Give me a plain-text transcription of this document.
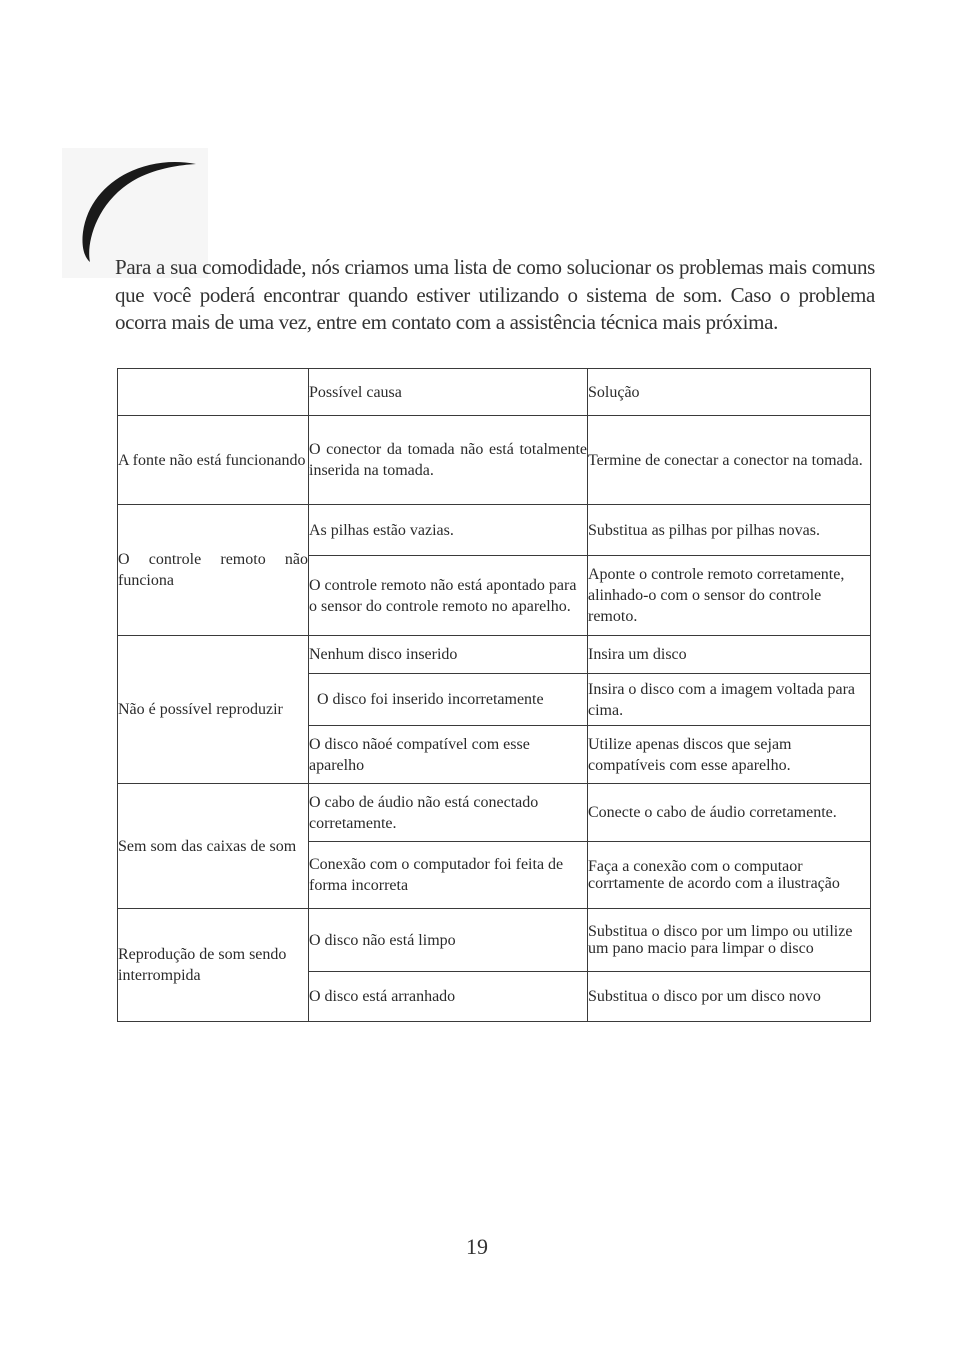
Para a sua comodidade, nós criamos uma lista de como solucionar os problemas mais comuns que você poderá encontrar quando estiver utilizando o sistema de som. Caso o problema ocorra mais de uma vez, entre em contato com a assistência técnica mais próxima.
	Possível causa	Solução
A fonte não está funcionando	O conector da tomada não está totalmente inserida na tomada.	Termine de conectar a conector na tomada.
O controle remoto não funciona	As pilhas estão vazias.	Substitua as pilhas por pilhas novas.
	O controle remoto não está apontado para o sensor do controle remoto no aparelho.	Aponte o controle remoto corretamente, alinhado-o com o sensor do controle remoto.
Não é possível reproduzir	Nenhum disco inserido	Insira um disco
	O disco foi inserido incorretamente	Insira o disco com a imagem voltada para cima.
	O disco nãoé compatível com esse aparelho	Utilize apenas discos que sejam compatíveis com esse aparelho.
Sem som das caixas de som	O cabo de áudio não está conectado corretamente.	Conecte o cabo de áudio corretamente.
	Conexão com o computador foi feita de forma incorreta	Faça a conexão com o computaor corrtamente de acordo com a ilustração
Reprodução de som sendo interrompida	O disco não está limpo	Substitua o disco por um limpo ou utilize um pano macio para limpar o disco
	O disco está arranhado	Substitua o disco por um disco novo
19
